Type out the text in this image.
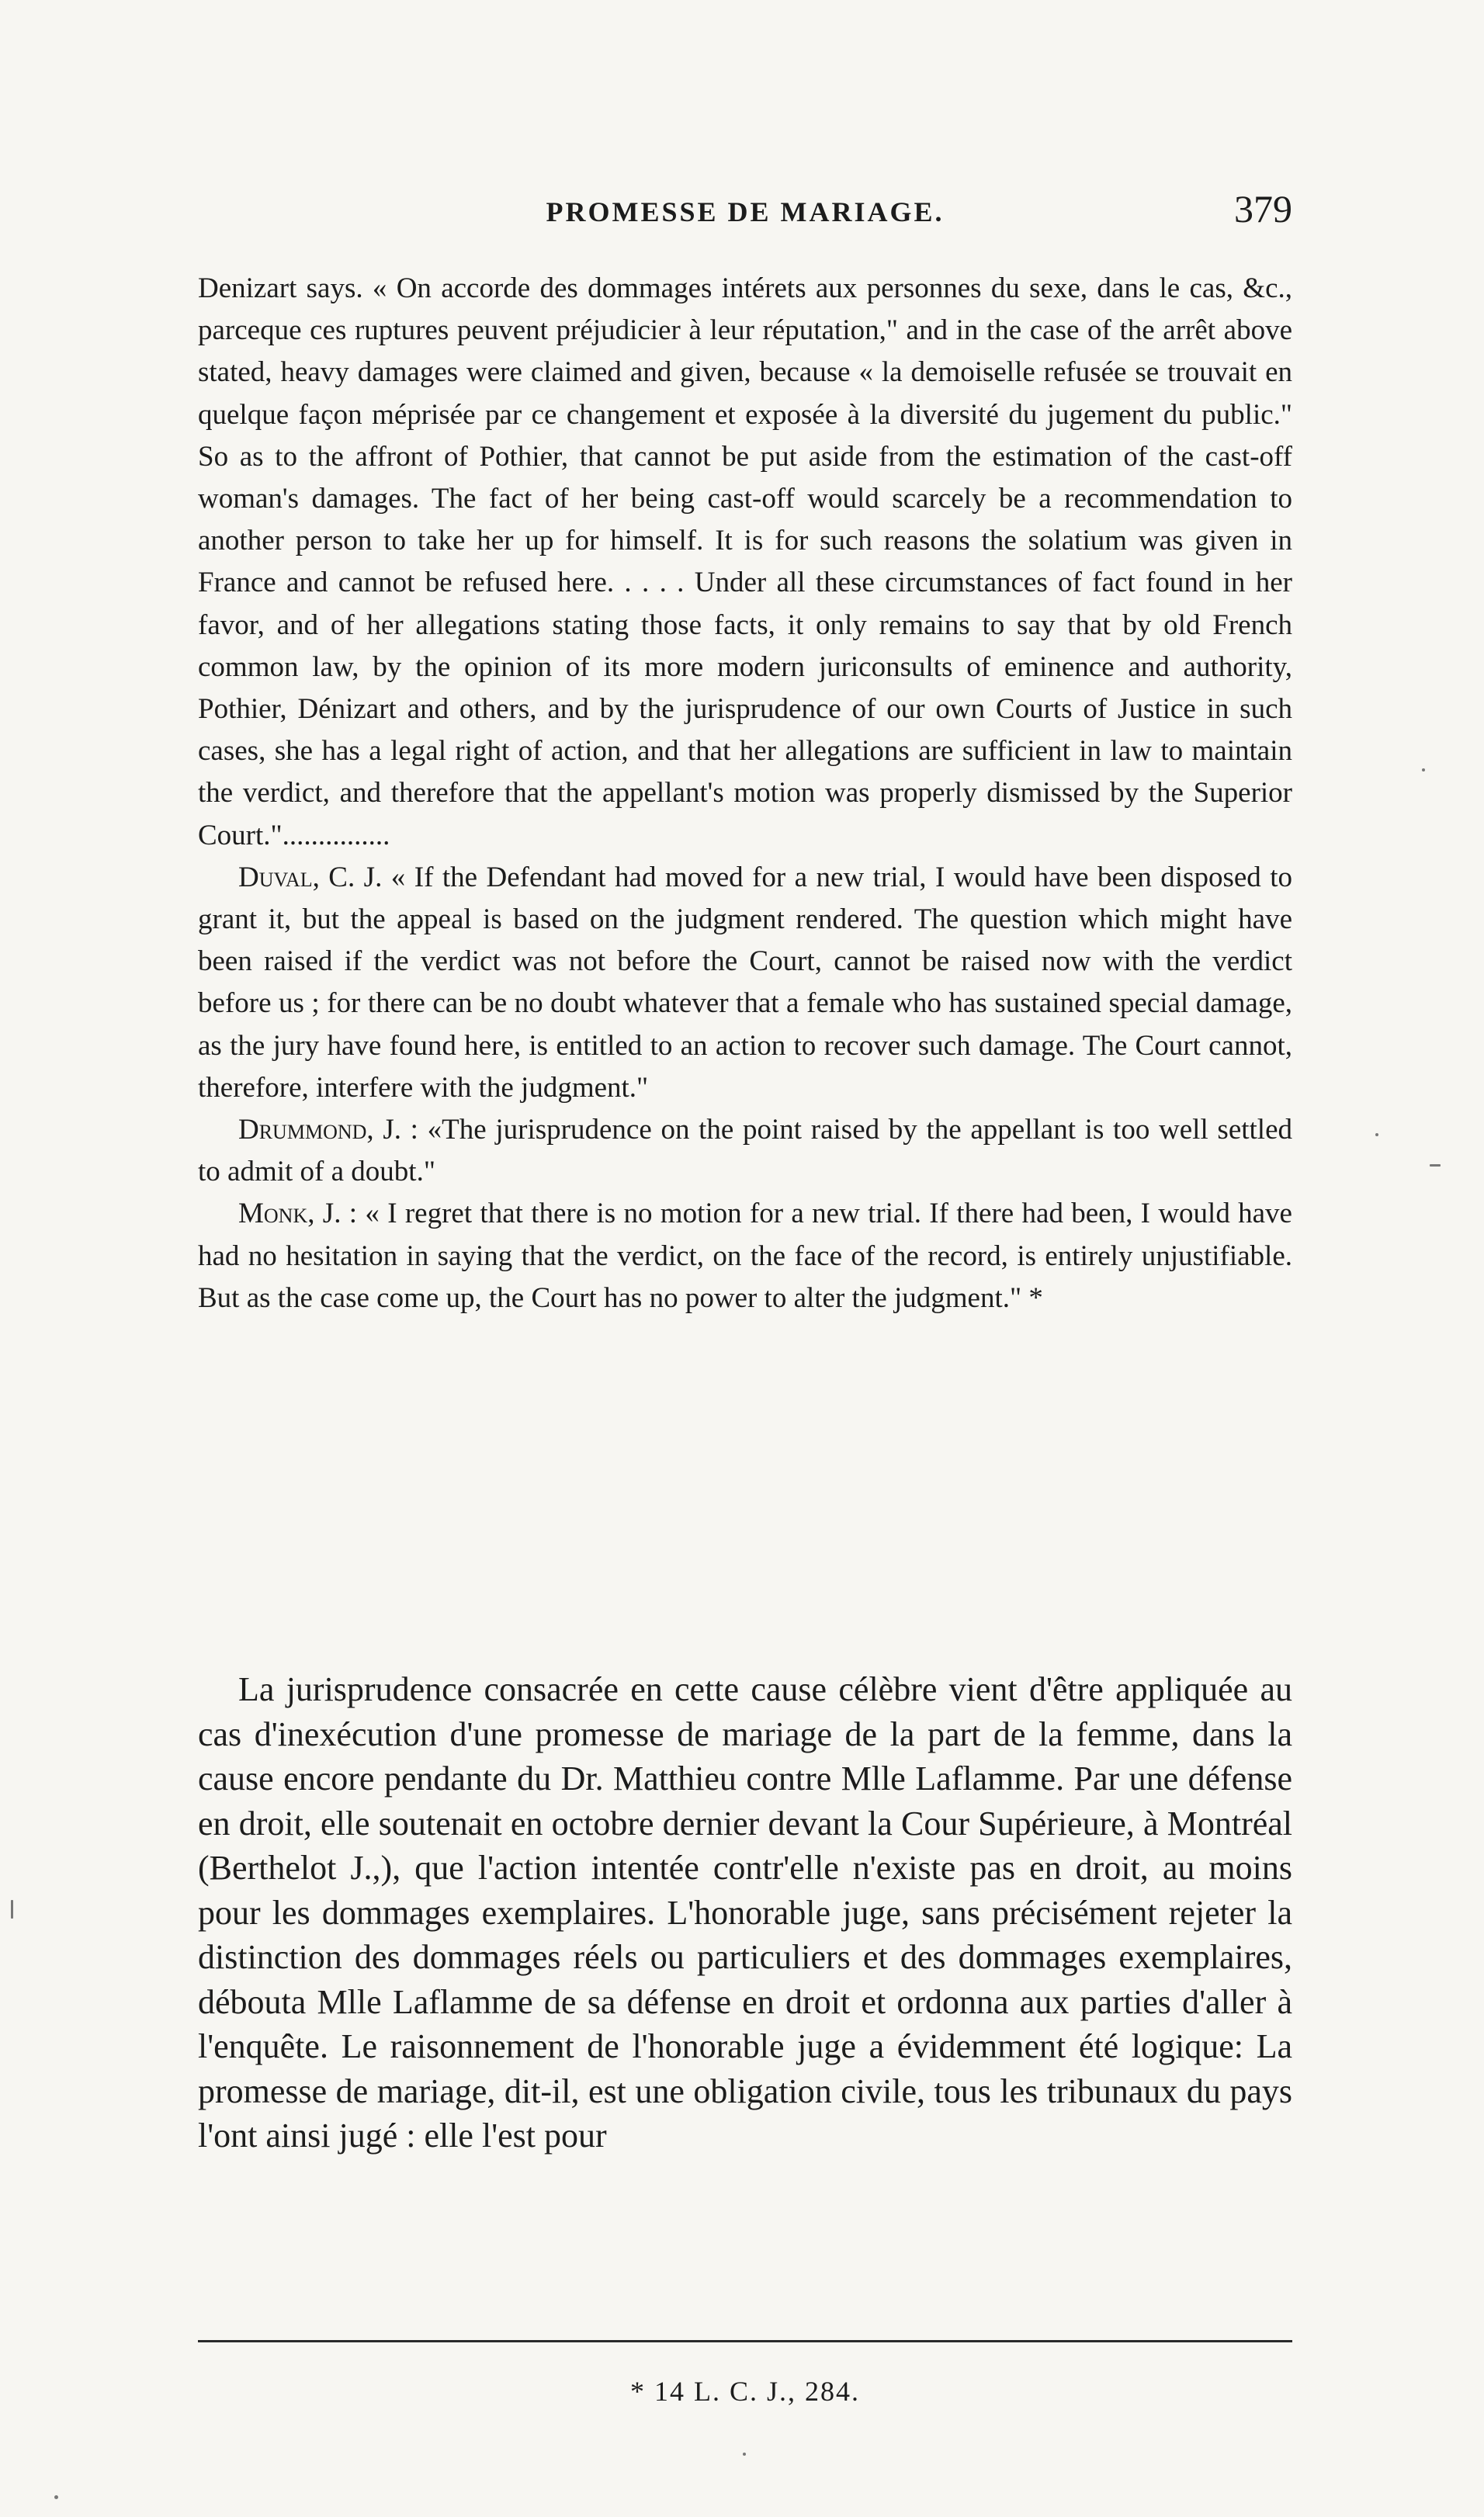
PROMESSE DE MARIAGE.	379

Denizart says. « On accorde des dommages intérets aux personnes du sexe, dans le cas, &c., parceque ces ruptures peuvent préjudicier à leur réputation," and in the case of the arrêt above stated, heavy damages were claimed and given, because « la demoiselle refusée se trouvait en quelque façon méprisée par ce changement et exposée à la diversité du jugement du public." So as to the affront of Pothier, that cannot be put aside from the estimation of the cast-off woman's damages. The fact of her being cast-off would scarcely be a recommendation to another person to take her up for himself. It is for such reasons the solatium was given in France and cannot be refused here. . . . . Under all these circumstances of fact found in her favor, and of her allegations stating those facts, it only remains to say that by old French common law, by the opinion of its more modern juriconsults of eminence and authority, Pothier, Dénizart and others, and by the jurisprudence of our own Courts of Justice in such cases, she has a legal right of action, and that her allegations are sufficient in law to maintain the verdict, and therefore that the appellant's motion was properly dismissed by the Superior Court."...............

Duval, C. J. « If the Defendant had moved for a new trial, I would have been disposed to grant it, but the appeal is based on the judgment rendered. The question which might have been raised if the verdict was not before the Court, cannot be raised now with the verdict before us ; for there can be no doubt whatever that a female who has sustained special damage, as the jury have found here, is entitled to an action to recover such damage. The Court cannot, therefore, interfere with the judgment."

Drummond, J. : «The jurisprudence on the point raised by the appellant is too well settled to admit of a doubt."

Monk, J. : « I regret that there is no motion for a new trial. If there had been, I would have had no hesitation in saying that the verdict, on the face of the record, is entirely unjustifiable. But as the case come up, the Court has no power to alter the judgment." *

La jurisprudence consacrée en cette cause célèbre vient d'être appliquée au cas d'inexécution d'une promesse de mariage de la part de la femme, dans la cause encore pendante du Dr. Matthieu contre Mlle Laflamme. Par une défense en droit, elle soutenait en octobre dernier devant la Cour Supérieure, à Montréal (Berthelot J.,), que l'action intentée contr'elle n'existe pas en droit, au moins pour les dommages exemplaires. L'honorable juge, sans précisément rejeter la distinction des dommages réels ou particuliers et des dommages exemplaires, débouta Mlle Laflamme de sa défense en droit et ordonna aux parties d'aller à l'enquête. Le raisonnement de l'honorable juge a évidemment été logique: La promesse de mariage, dit-il, est une obligation civile, tous les tribunaux du pays l'ont ainsi jugé : elle l'est pour

* 14 L. C. J., 284.
